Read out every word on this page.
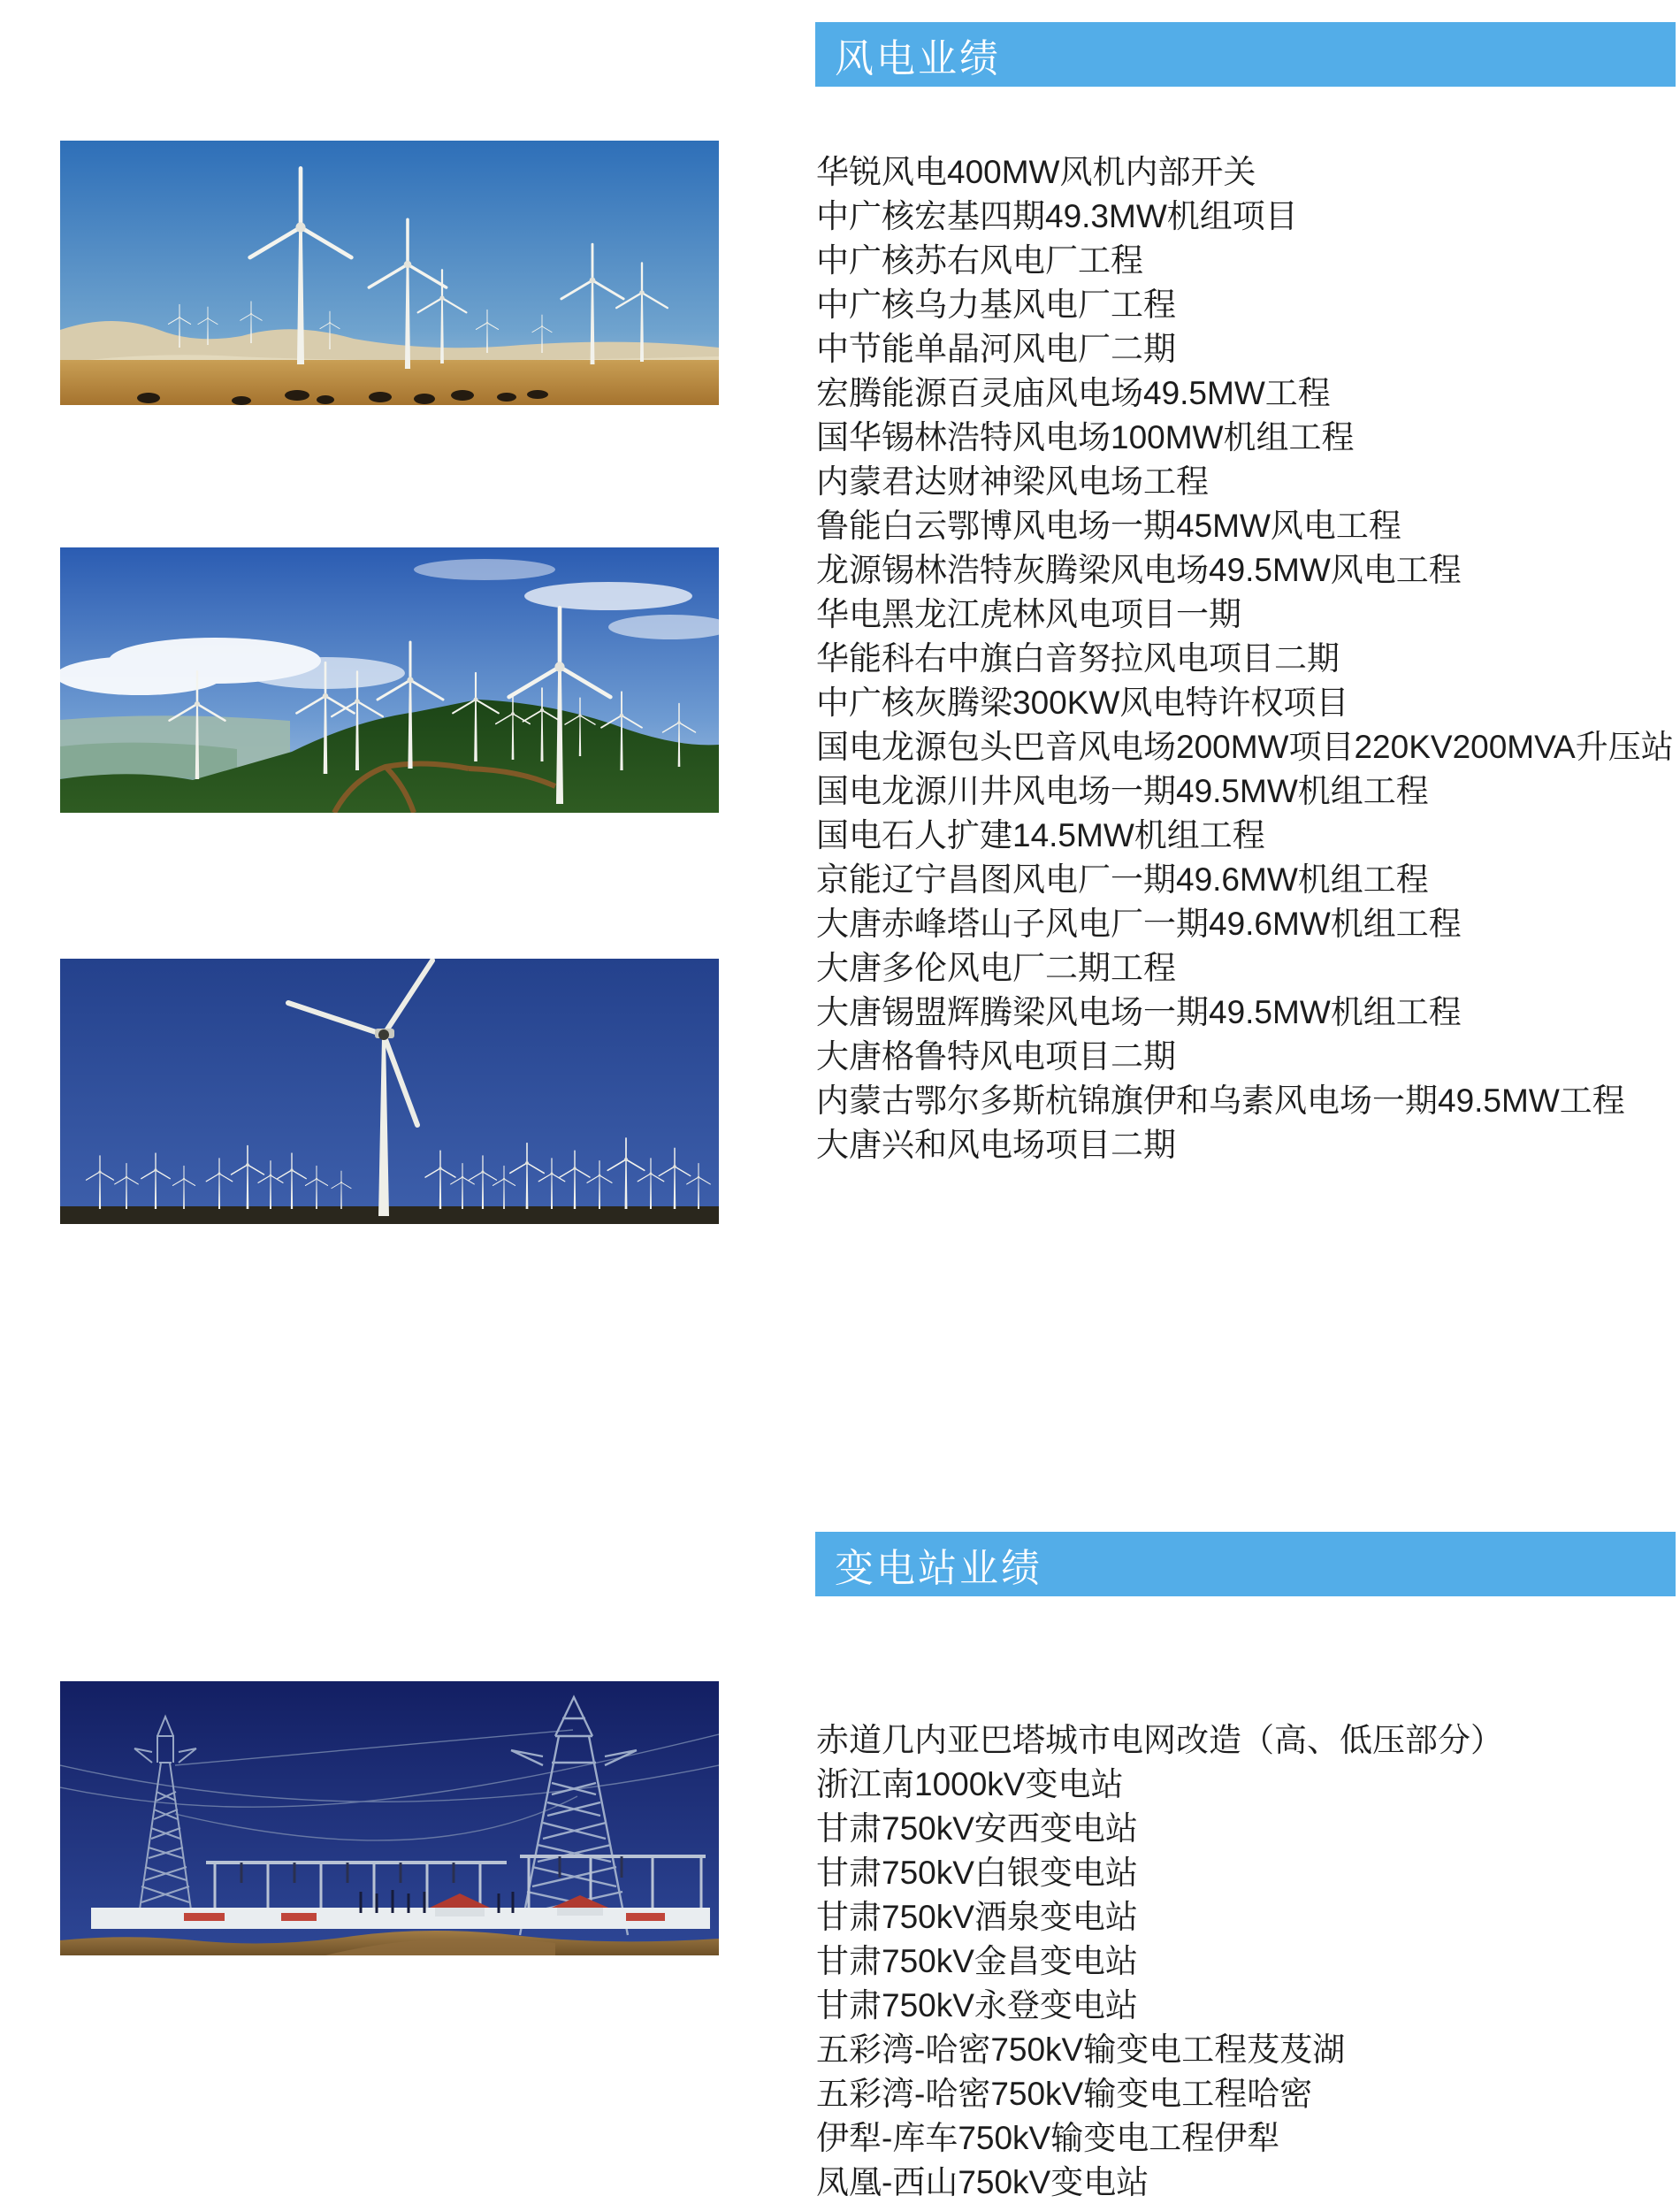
风电业绩
华锐风电400MW风机内部开关
中广核宏基四期49.3MW机组项目
中广核苏右风电厂工程
中广核乌力基风电厂工程
中节能单晶河风电厂二期
宏腾能源百灵庙风电场49.5MW工程
国华锡林浩特风电场100MW机组工程
内蒙君达财神梁风电场工程
鲁能白云鄂博风电场一期45MW风电工程
龙源锡林浩特灰腾梁风电场49.5MW风电工程
华电黑龙江虎林风电项目一期
华能科右中旗白音努拉风电项目二期
中广核灰腾梁300KW风电特许权项目
国电龙源包头巴音风电场200MW项目220KV200MVA升压站
国电龙源川井风电场一期49.5MW机组工程
国电石人扩建14.5MW机组工程
京能辽宁昌图风电厂一期49.6MW机组工程
大唐赤峰塔山子风电厂一期49.6MW机组工程
大唐多伦风电厂二期工程
大唐锡盟辉腾梁风电场一期49.5MW机组工程
大唐格鲁特风电项目二期
内蒙古鄂尔多斯杭锦旗伊和乌素风电场一期49.5MW工程
大唐兴和风电场项目二期
变电站业绩
赤道几内亚巴塔城市电网改造（高、低压部分）
浙江南1000kV变电站
甘肃750kV安西变电站
甘肃750kV白银变电站
甘肃750kV酒泉变电站
甘肃750kV金昌变电站
甘肃750kV永登变电站
五彩湾-哈密750kV输变电工程芨芨湖
五彩湾-哈密750kV输变电工程哈密
伊犁-库车750kV输变电工程伊犁
凤凰-西山750kV变电站
